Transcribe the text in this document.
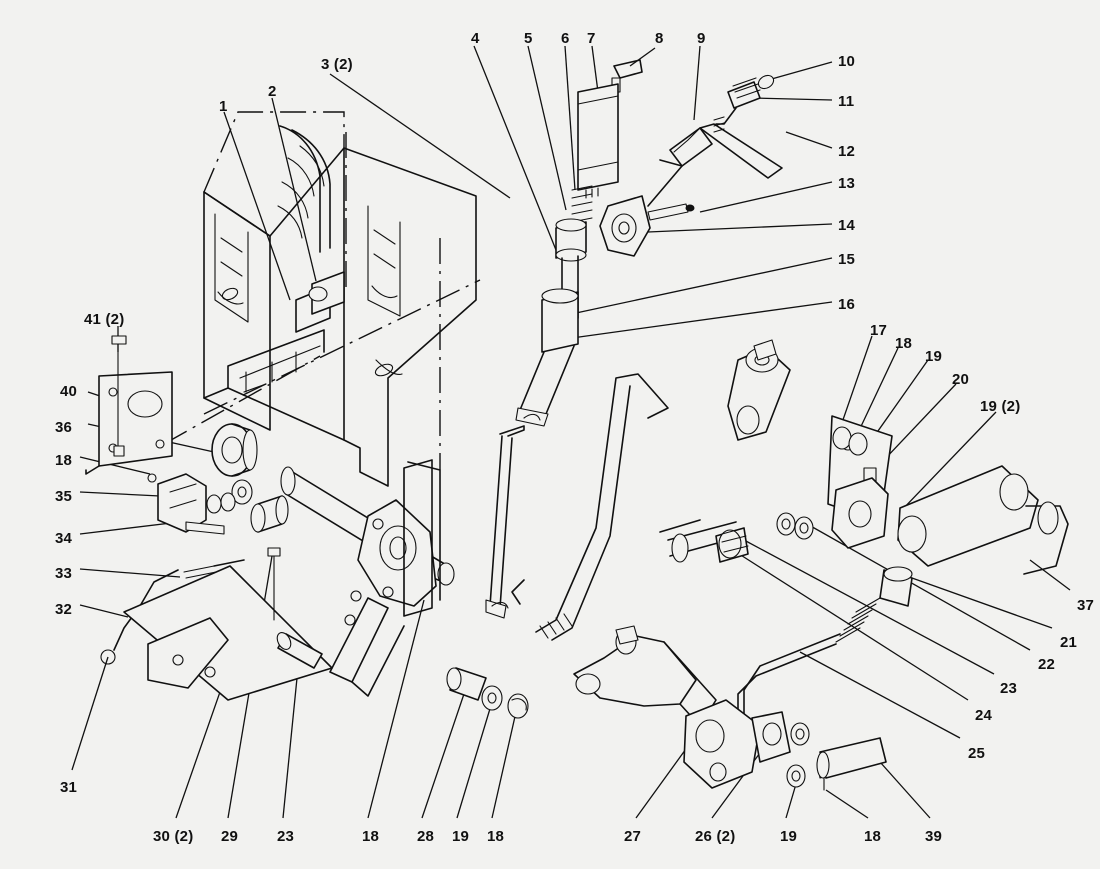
1
2
3 (2)
4	5 6 7	8 9
10
11
12
13
14
15
16
17
18
19
20
19 (2)
37
21
22
23
24
25
39
18
19
26 (2)
27
18
19
28
18
23
29
30 (2)
31
32
33
34
35
18
36
40
41 (2)
